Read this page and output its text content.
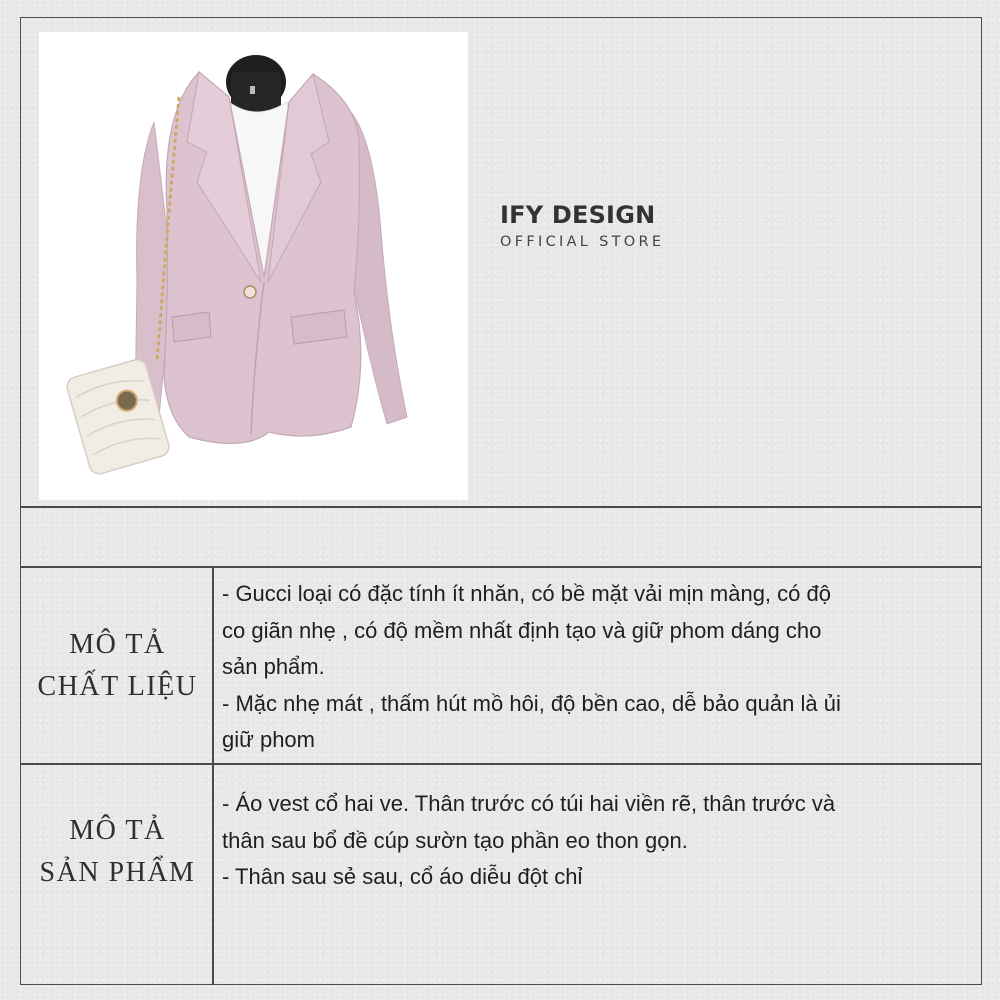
IFY DESIGN
OFFICIAL STORE
MÔ TẢ
CHẤT LIỆU
- Gucci loại có đặc tính ít nhăn, có bề mặt vải mịn màng, có độ
co giãn nhẹ , có độ mềm nhất định tạo và giữ phom dáng cho
sản phẩm.
- Mặc nhẹ mát , thấm hút mồ hôi, độ bền cao, dễ bảo quản là ủi
giữ phom
MÔ TẢ
SẢN PHẨM
- Áo vest cổ hai ve. Thân trước có túi hai viền rẽ, thân trước và
thân sau bổ đề cúp sườn tạo phần eo thon gọn.
- Thân sau sẻ sau, cổ áo diễu đột chỉ
